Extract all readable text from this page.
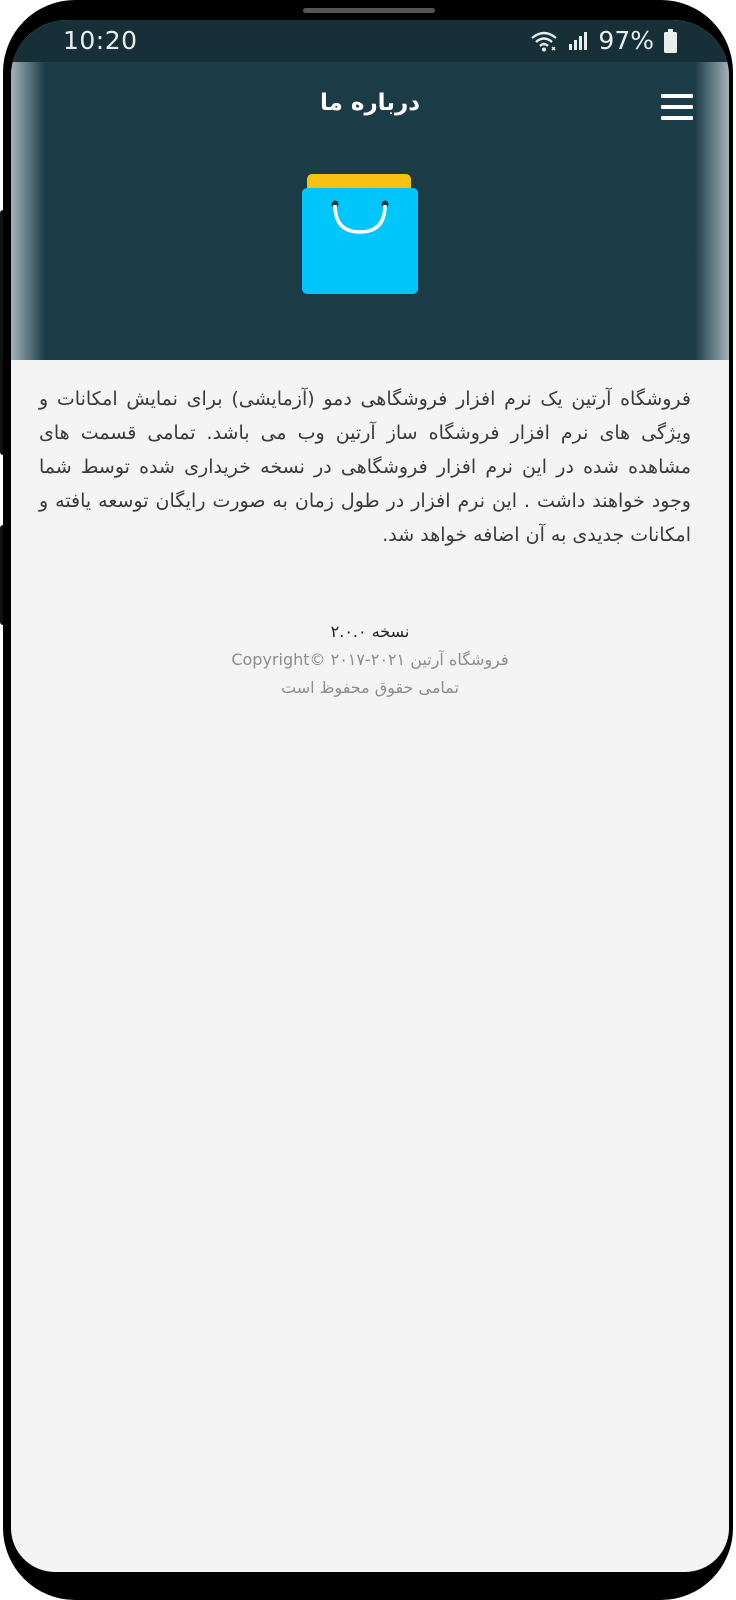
10:20	97%
درباره ما
فروشگاه آرتین یک نرم افزار فروشگاهی دمو (آزمایشی) برای نمایش امکانات و ویژگی های نرم افزار فروشگاه ساز آرتین وب می باشد. تمامی قسمت های مشاهده شده در این نرم افزار فروشگاهی در نسخه خریداری شده توسط شما وجود خواهند داشت . این نرم افزار در طول زمان به صورت رایگان توسعه یافته و امکانات جدیدی به آن اضافه خواهد شد.
نسخه ۲.۰.۰
فروشگاه آرتین Copyright© ۲۰۱۷-۲۰۲۱
تمامی حقوق محفوظ است
